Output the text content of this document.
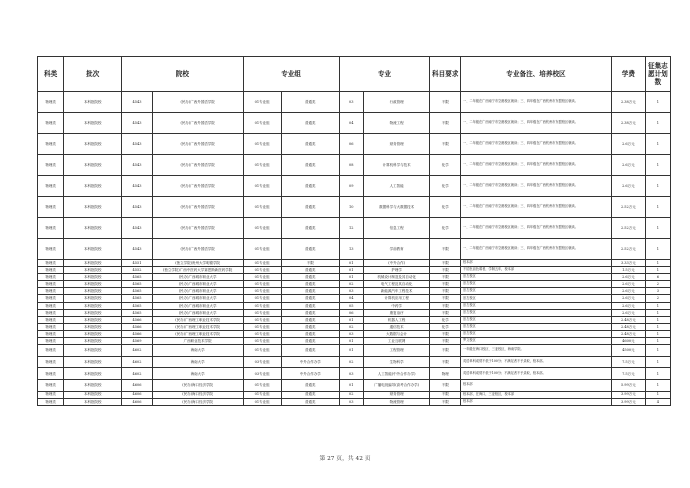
科类	批次	院校		专业组		专业		科目要求	专业备注、培养校区	学费	征集志愿计划数
物理类	本科批院校	4543	(民办)广西外国语学院	01专业组	普通类	03	行政管理	不限	一、二年级在广西南宁市空港校区就读；三、四年级在广西钦州市东盟校区就读。	2.38万元	1
物理类	本科批院校	4543	(民办)广西外国语学院	01专业组	普通类	04	物流工程	不限	一、二年级在广西南宁市空港校区就读；三、四年级在广西钦州市东盟校区就读。	2.38万元	1
物理类	本科批院校	4543	(民办)广西外国语学院	01专业组	普通类	06	财务管理	不限	一、二年级在广西南宁市空港校区就读；三、四年级在广西钦州市东盟校区就读。	2.6万元	1
物理类	本科批院校	4543	(民办)广西外国语学院	01专业组	普通类	08	计算机科学与技术	化学	一、二年级在广西南宁市空港校区就读；三、四年级在广西钦州市东盟校区就读。	2.6万元	1
物理类	本科批院校	4543	(民办)广西外国语学院	01专业组	普通类	09	人工智能	化学	一、二年级在广西南宁市空港校区就读；三、四年级在广西钦州市东盟校区就读。	2.6万元	1
物理类	本科批院校	4543	(民办)广西外国语学院	01专业组	普通类	10	数据科学与大数据技术	化学	一、二年级在广西南宁市空港校区就读；三、四年级在广西钦州市东盟校区就读。	2.52万元	1
物理类	本科批院校	4543	(民办)广西外国语学院	01专业组	普通类	12	信息工程	化学	一、二年级在广西南宁市空港校区就读；三、四年级在广西钦州市东盟校区就读。	2.52万元	1
物理类	本科批院校	4543	(民办)广西外国语学院	01专业组	普通类	13	学前教育	不限	一、二年级在广西南宁市空港校区就读；三、四年级在广西钦州市东盟校区就读。	2.52万元	1
物理类	本科批院校	4551	(独立学院)贵州大学明德学院	01专业组	不限	01	(中外合作)	不限	校本部	3.33万元	1
物理类	本科批院校	4552	(独立学院)广西中医药大学赛恩斯新医药学院	01专业组	普通类	01	护理学	不限	不招色盲色弱者，学制五年，校本部	1.5万元	1
物理类	本科批院校	4565	(民办)广西城市职业大学	01专业组	普通类	01	机械设计制造及其自动化	不限	崇左校区	2.6万元	6
物理类	本科批院校	4565	(民办)广西城市职业大学	01专业组	普通类	02	电气工程及其自动化	不限	崇左校区	2.6万元	2
物理类	本科批院校	4565	(民办)广西城市职业大学	01专业组	普通类	03	新能源汽车工程技术	不限	崇左校区	2.6万元	3
物理类	本科批院校	4565	(民办)广西城市职业大学	01专业组	普通类	04	计算机应用工程	不限	崇左校区	2.6万元	2
物理类	本科批院校	4565	(民办)广西城市职业大学	01专业组	普通类	05	中药学	不限	崇左校区	2.6万元	1
物理类	本科批院校	4565	(民办)广西城市职业大学	01专业组	普通类	06	康复治疗	不限	崇左校区	2.6万元	1
物理类	本科批院校	4566	(民办)广西理工职业技术学院	01专业组	普通类	01	机器人工程	化学	崇左校区	2.48万元	1
物理类	本科批院校	4566	(民办)广西理工职业技术学院	01专业组	普通类	02	通信技术	化学	崇左校区	2.48万元	1
物理类	本科批院校	4566	(民办)广西理工职业技术学院	01专业组	普通类	03	大数据与会计	不限	崇左校区	2.48万元	1
物理类	本科批院校	4569	广西职业技术学院	01专业组	普通类	01	工业互联网	不限	罗文校区	4600元	1
物理类	本科批院校	4602	海南大学	01专业组	普通类	01	工程管理	不限	一年级在海口校区、三亚校区，海南学院。	4500元	1
物理类	本科批院校	4602	海南大学	03专业组	中外合作办学	02	生物科学	不限	英语单科成绩不低于100分；不满足者不予录取，校本部。	7.5万元	1
物理类	本科批院校	4602	海南大学	03专业组	中外合作办学	03	人工智能(中外合作办学)	物理	英语单科成绩不低于100分；不满足者不予录取，校本部。	7.5万元	1
物理类	本科批院校	4606	(民办)海口经济学院	01专业组	普通类	01	广播电视编导(高考合作办学)	不限	校本部	5.99万元	1
物理类	本科批院校	4606	(民办)海口经济学院	01专业组	普通类	02	财务管理	不限	校本部，在海口，三亚校区，校本部	3.99万元	1
物理类	本科批院校	4606	(民办)海口经济学院	01专业组	普通类	03	物流管理	不限	校本部	3.99万元	4
第 27 页，共 42 页
